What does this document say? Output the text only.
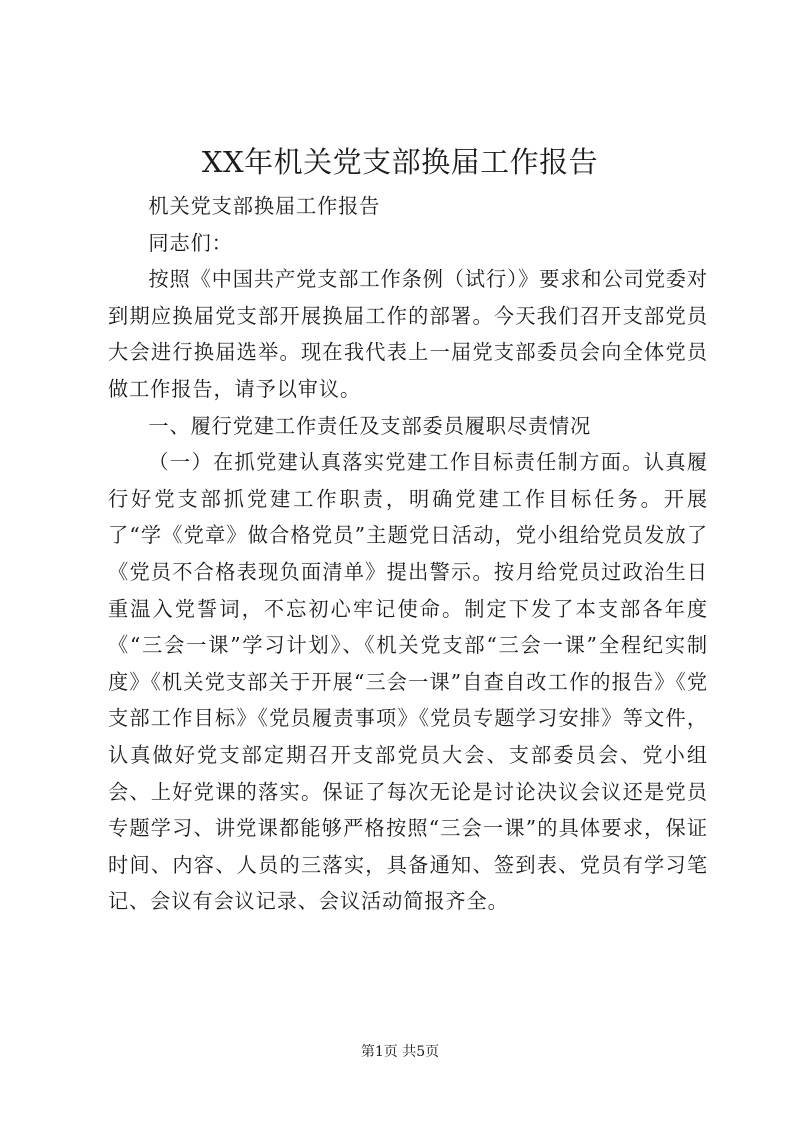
XX年机关党支部换届工作报告

机关党支部换届工作报告

同志们：

按照《中国共产党支部工作条例（试行）》要求和公司党委对到期应换届党支部开展换届工作的部署。今天我们召开支部党员大会进行换届选举。现在我代表上一届党支部委员会向全体党员做工作报告，请予以审议。

一、履行党建工作责任及支部委员履职尽责情况

（一）在抓党建认真落实党建工作目标责任制方面。认真履行好党支部抓党建工作职责，明确党建工作目标任务。开展了“学《党章》做合格党员”主题党日活动，党小组给党员发放了《党员不合格表现负面清单》提出警示。按月给党员过政治生日重温入党誓词，不忘初心牢记使命。制定下发了本支部各年度《“三会一课”学习计划》、《机关党支部“三会一课”全程纪实制度》《机关党支部关于开展“三会一课”自查自改工作的报告》《党支部工作目标》《党员履责事项》《党员专题学习安排》等文件，认真做好党支部定期召开支部党员大会、支部委员会、党小组会、上好党课的落实。保证了每次无论是讨论决议会议还是党员专题学习、讲党课都能够严格按照“三会一课”的具体要求，保证时间、内容、人员的三落实，具备通知、签到表、党员有学习笔记、会议有会议记录、会议活动简报齐全。

第1页 共5页
